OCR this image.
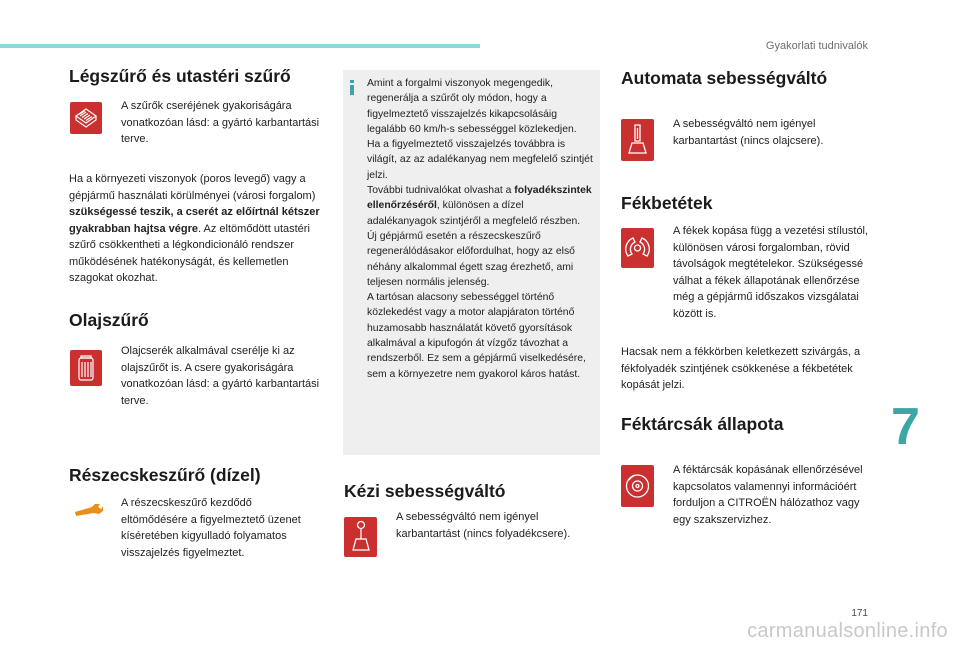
Gyakorlati tudnivalók
Légszűrő és utastéri szűrő
A szűrők cseréjének gyakoriságára vonatkozóan lásd: a gyártó karbantartási terve.
Ha a környezeti viszonyok (poros levegő) vagy a gépjármű használati körülményei (városi forgalom) szükségessé teszik, a cserét az előírtnál kétszer gyakrabban hajtsa végre. Az eltömődött utastéri szűrő csökkentheti a légkondicionáló rendszer működésének hatékonyságát, és kellemetlen szagokat okozhat.
Olajszűrő
Olajcserék alkalmával cserélje ki az olajszűrőt is. A csere gyakoriságára vonatkozóan lásd: a gyártó karbantartási terve.
Részecskeszűrő (dízel)
A részecskeszűrő kezdődő eltömődésére a figyelmeztető üzenet kíséretében kigyulladó folyamatos visszajelzés figyelmeztet.
Amint a forgalmi viszonyok megengedik, regenerálja a szűrőt oly módon, hogy a figyelmeztető visszajelzés kikapcsolásáig legalább 60 km/h-s sebességgel közlekedjen.
Ha a figyelmeztető visszajelzés továbbra is világít, az az adalékanyag nem megfelelő szintjét jelzi.
További tudnivalókat olvashat a folyadékszintek ellenőrzéséről, különösen a dízel adalékanyagok szintjéről a megfelelő részben.
Új gépjármű esetén a részecskeszűrő regenerálódásakor előfordulhat, hogy az első néhány alkalommal égett szag érezhető, ami teljesen normális jelenség.
A tartósan alacsony sebességgel történő közlekedést vagy a motor alapjáraton történő huzamosabb használatát követő gyorsítások alkalmával a kipufogón át vízgőz távozhat a rendszerből. Ez sem a gépjármű viselkedésére, sem a környezetre nem gyakorol káros hatást.
Kézi sebességváltó
A sebességváltó nem igényel karbantartást (nincs folyadékcsere).
Automata sebességváltó
A sebességváltó nem igényel karbantartást (nincs olajcsere).
Fékbetétek
A fékek kopása függ a vezetési stílustól, különösen városi forgalomban, rövid távolságok megtételekor. Szükségessé válhat a fékek állapotának ellenőrzése még a gépjármű időszakos vizsgálatai között is.
Hacsak nem a fékkörben keletkezett szivárgás, a fékfolyadék szintjének csökkenése a fékbetétek kopását jelzi.
Féktárcsák állapota
A féktárcsák kopásának ellenőrzésével kapcsolatos valamennyi információért forduljon a CITROËN hálózathoz vagy egy szakszervizhez.
7
171
carmanualsonline.info
